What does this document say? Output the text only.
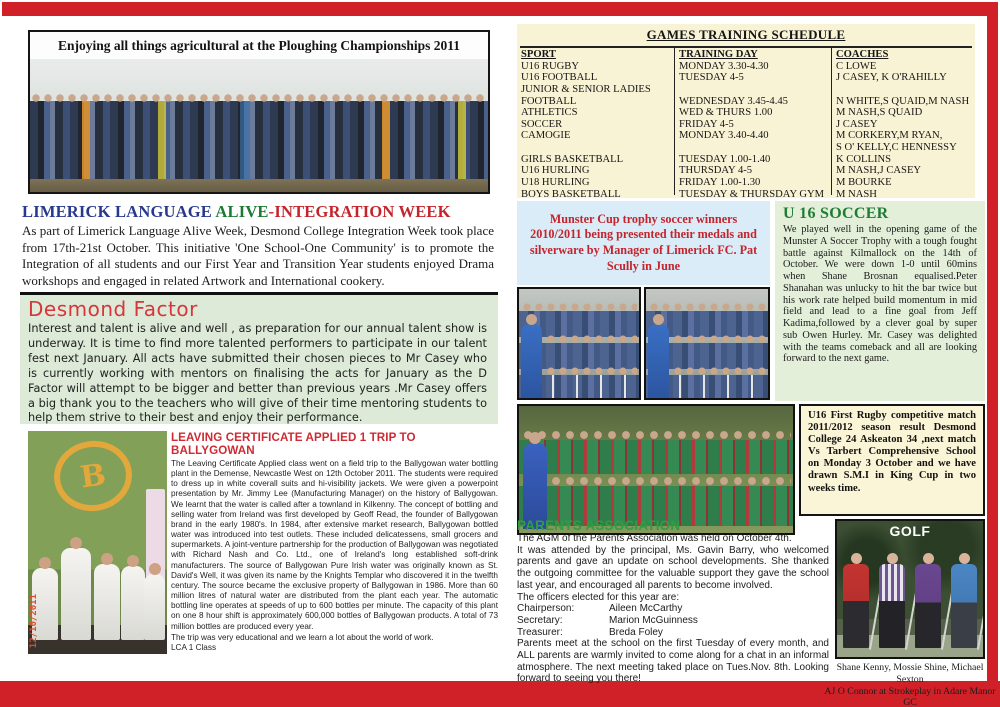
Enjoying all things agricultural at the Ploughing Championships 2011
LIMERICK LANGUAGE ALIVE-INTEGRATION WEEK

As part of Limerick Language Alive Week, Desmond College Integration Week took place from 17th-21st October. This initiative 'One School-One Community' is to promote the Integration of all students and our First Year and Transition Year students enjoyed Drama workshops and engaged in related Artwork and International cookery.

Desmond Factor
Interest and talent is alive and well , as preparation for our annual talent show is underway. It is time to find more talented performers to participate in our talent fest next January. All acts have submitted their chosen pieces to Mr Casey who is currently working with mentors on finalising the acts for January as the D Factor will attempt to be bigger and better than previous years .Mr Casey offers a big thank you to the teachers who will give of their time mentoring students to help them strive to their best and enjoy their performance.
B
12/10/2011
LEAVING CERTIFICATE APPLIED 1 TRIP TO BALLYGOWAN
The Leaving Certificate Applied class went on a field trip to the Ballygowan water bottling plant in the Demense, Newcastle West on 12th October 2011. The students were required to dress up in white coverall suits and hi-visibility jackets. We were given a powerpoint presentation by Mr. Jimmy Lee (Manufacturing Manager) on the history of Ballygowan. We learnt that the water is called after a townland in Kilkenny. The concept of bottling and selling water from Ireland was first developed by Geoff Read, the founder of Ballygowan brand in the early 1980's. In 1984, after extensive market research, Ballygowan bottled water was introduced into test outlets. These included delicatessens, small grocers and supermarkets. A joint-venture partnership for the production of Ballygowan was negotiated with Richard Nash and Co. Ltd., one of Ireland's long established soft-drink manufacturers. The source of Ballygowan Pure Irish water was originally known as St. David's Well, it was given its name by the Knights Templar who discovered it in the twelfth century. The source became the exclusive property of Ballygowan in 1986. More than 60 million litres of natural water are distributed from the plant each year. The automatic bottling line operates at speeds of up to 600 bottles per minute. The capacity of this plant on one 8 hour shift is approximately 600,000 bottles of Ballygowan products. A total of 73 million bottles are produced every year.
The trip was very educational and we learn a lot about the world of work.
LCA 1 Class
GAMES TRAINING SCHEDULE
SPORT	TRAINING DAY	COACHES
U16 RUGBY	MONDAY 3.30-4.30	C LOWE
U16 FOOTBALL	TUESDAY 4-5	J CASEY, K O'RAHILLY
JUNIOR & SENIOR LADIES
FOOTBALL	WEDNESDAY 3.45-4.45	N WHITE,S QUAID,M NASH
ATHLETICS	WED & THURS 1.00	M NASH,S QUAID
SOCCER	FRIDAY 4-5	J CASEY
CAMOGIE	MONDAY 3.40-4.40	M CORKERY,M RYAN,
S O' KELLY,C HENNESSY
GIRLS BASKETBALL	TUESDAY 1.00-1.40	K COLLINS
U16 HURLING	THURSDAY 4-5	M NASH,J CASEY
U18 HURLING	FRIDAY 1.00-1.30	M BOURKE
BOYS BASKETBALL	TUESDAY & THURSDAY GYM	M NASH
Munster Cup trophy soccer winners 2010/2011 being presented their medals and silverware by Manager of Limerick FC. Pat Scully in June
U 16 SOCCER
We played well in the opening game of the Munster A Soccer Trophy with a tough fought battle against Kilmallock on the 14th of October. We were down 1-0 until 60mins when Shane Brosnan equalised.Peter Shanahan was unlucky to hit the bar twice but his work rate helped build momentum in mid field and lead to a fine goal from Jeff Kadima,followed by a clever goal by super sub Owen Hurley. Mr. Casey was delighted with the teams comeback and all are looking forward to the next game.
U16 First Rugby competitive match 2011/2012 season result Desmond College 24 Askeaton 34 ,next match Vs Tarbert Comprehensive School on Monday 3 October and we have drawn S.M.I in King Cup in two weeks time.
PARENTS ASSOCIATION
The AGM of the Parents Association was held on October 4th.
It was attended by the principal, Ms. Gavin Barry, who welcomed parents and gave an update on school developments. She thanked the outgoing committee for the valuable support they gave the school last year, and encouraged all parents to become involved.
The officers elected for this year are:
Chairperson:	Aileen McCarthy
Secretary:	Marion McGuinness
Treasurer:	Breda Foley
Parents meet at the school on the first Tuesday of every month, and ALL parents are warmly invited to come along for a chat in an informal atmosphere. The next meeting taked place on Tues.Nov. 8th. Looking forward to seeing you there!
GOLF
Shane Kenny, Mossie Shine, Michael Sexton
AJ O Connor at Strokeplay in Adare Manor GC
